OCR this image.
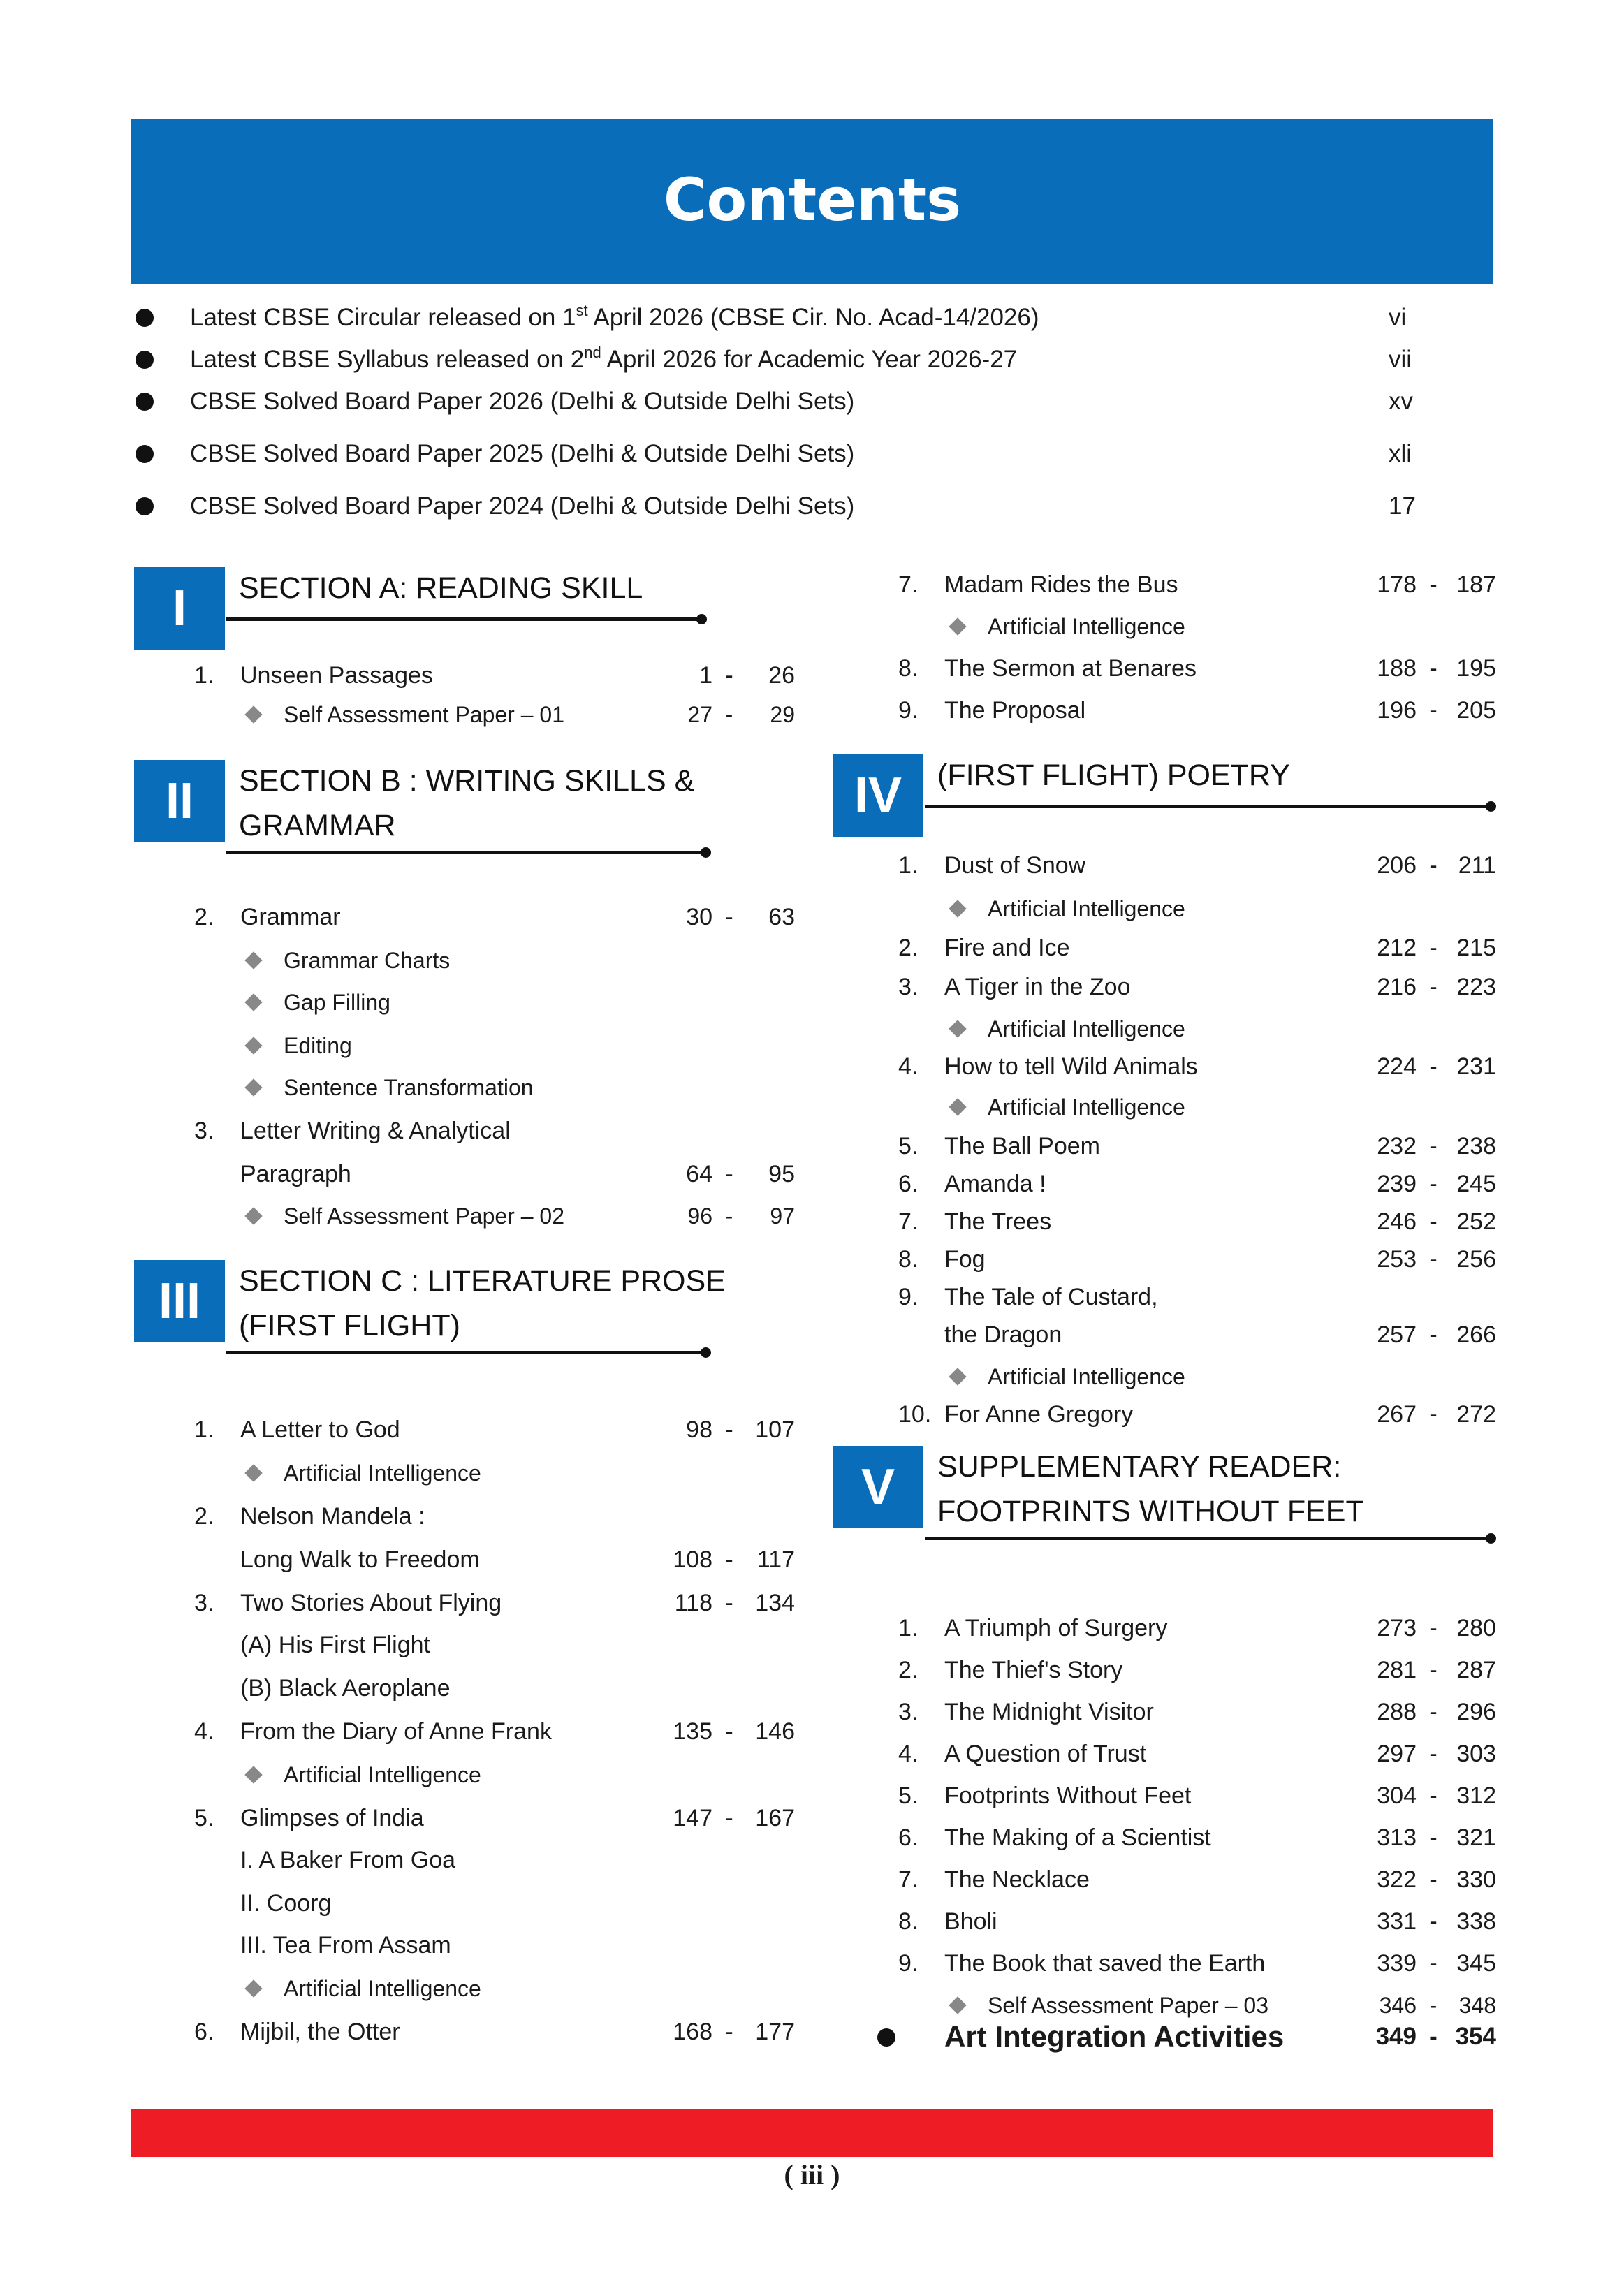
Contents
Latest CBSE Circular released on 1st April 2026 (CBSE Cir. No. Acad-14/2026)	vi
Latest CBSE Syllabus released on 2nd April 2026 for Academic Year 2026-27	vii
CBSE Solved Board Paper 2026 (Delhi & Outside Delhi Sets)	xv
CBSE Solved Board Paper 2025 (Delhi & Outside Delhi Sets)	xli
CBSE Solved Board Paper 2024 (Delhi & Outside Delhi Sets)	17
I	SECTION A: READING SKILL
II	SECTION B : WRITING SKILLS &
GRAMMAR
III	SECTION C : LITERATURE PROSE
(FIRST FLIGHT)
1. Unseen Passages	1 -	26
Self Assessment Paper – 01	27 -	29
2. Grammar	30 -	63
Grammar Charts
Gap Filling
Editing
Sentence Transformation
3. Letter Writing & Analytical
Paragraph	64 -	95
Self Assessment Paper – 02	96 -	97
1. A Letter to God	98 - 107
Artificial Intelligence
2. Nelson Mandela :
Long Walk to Freedom	108 -	117
3. Two Stories About Flying	118 - 134
(A) His First Flight
(B) Black Aeroplane
4. From the Diary of Anne Frank	135 - 146
Artificial Intelligence
5. Glimpses of India	147 - 167
I. A Baker From Goa
II. Coorg
III. Tea From Assam
Artificial Intelligence
6. Mijbil, the Otter	168 - 177
IV	(FIRST FLIGHT) POETRY
V	SUPPLEMENTARY READER:
FOOTPRINTS WITHOUT FEET
7. Madam Rides the Bus	178 - 187
Artificial Intelligence
8. The Sermon at Benares	188 - 195
9. The Proposal	196 - 205
1. Dust of Snow	206 - 211
Artificial Intelligence
2. Fire and Ice	212 - 215
3. A Tiger in the Zoo	216 - 223
Artificial Intelligence
4. How to tell Wild Animals	224 - 231
Artificial Intelligence
5. The Ball Poem	232 - 238
6. Amanda !	239 - 245
7. The Trees	246 - 252
8. Fog	253 - 256
9. The Tale of Custard,
the Dragon	257 - 266
Artificial Intelligence
10. For Anne Gregory	267 - 272
1. A Triumph of Surgery	273 - 280
2. The Thief's Story	281 - 287
3. The Midnight Visitor	288 - 296
4. A Question of Trust	297 - 303
5. Footprints Without Feet	304 - 312
6. The Making of a Scientist	313 - 321
7. The Necklace	322 - 330
8. Bholi	331 - 338
9. The Book that saved the Earth	339 - 345
Self Assessment Paper – 03	346 - 348
( iii )
Art Integration Activities	349 - 354
